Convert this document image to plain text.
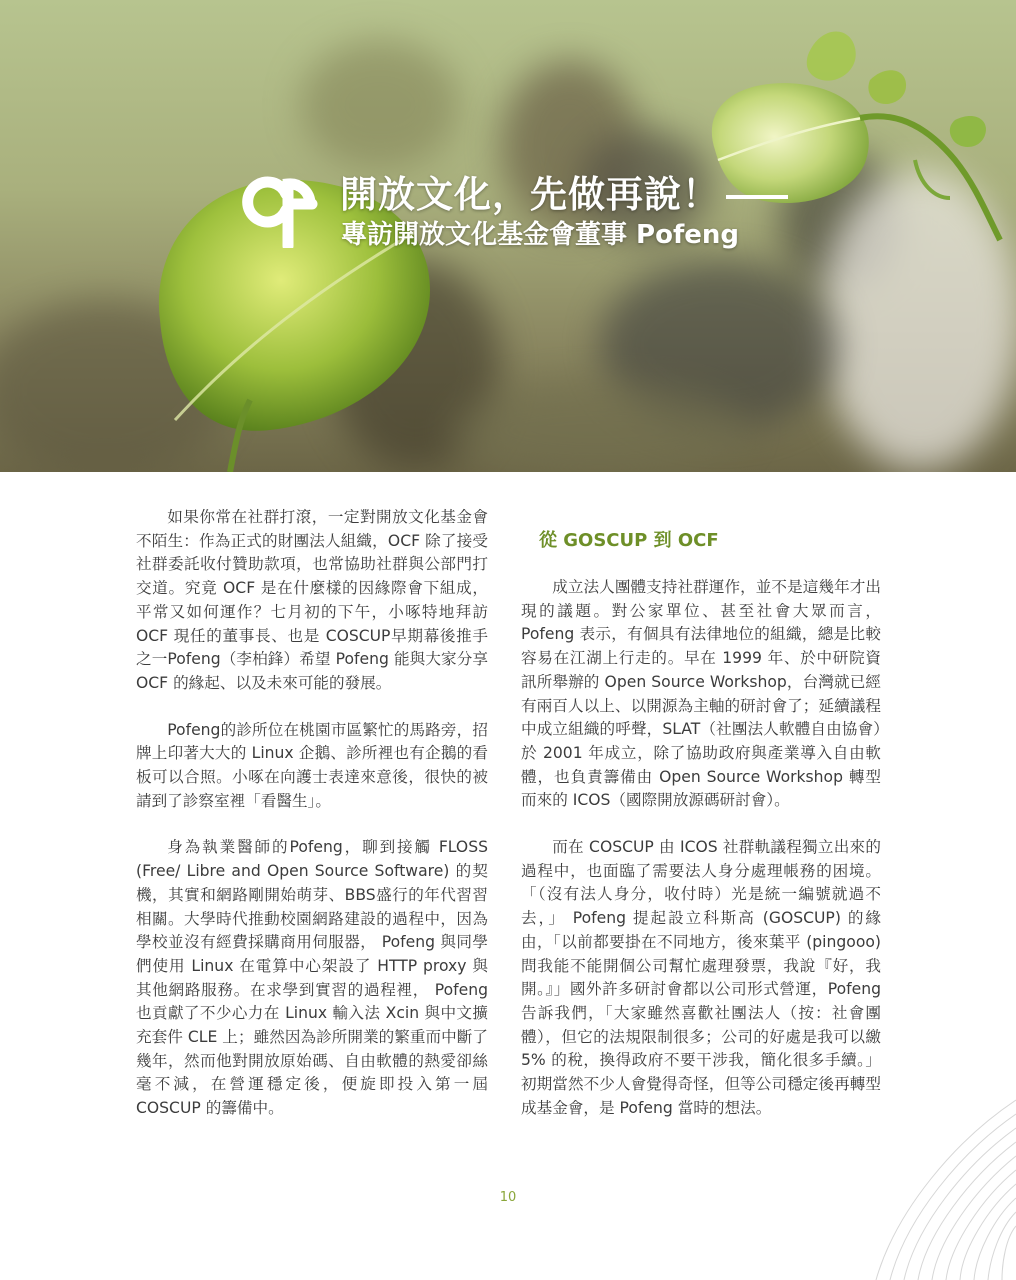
開放文化，先做再說！
專訪開放文化基金會董事 Pofeng

如果你常在社群打滾，一定對開放文化基金會不陌生：作為正式的財團法人組織，OCF 除了接受社群委託收付贊助款項，也常協助社群與公部門打交道。究竟 OCF 是在什麼樣的因緣際會下組成，平常又如何運作？七月初的下午，小啄特地拜訪 OCF 現任的董事長、也是 COSCUP早期幕後推手之一Pofeng（李柏鋒）希望 Pofeng 能與大家分享 OCF 的緣起、以及未來可能的發展。

Pofeng的診所位在桃園市區繁忙的馬路旁，招牌上印著大大的 Linux 企鵝、診所裡也有企鵝的看板可以合照。小啄在向護士表達來意後，很快的被請到了診察室裡「看醫生」。

身為執業醫師的Pofeng，聊到接觸 FLOSS (Free/ Libre and Open Source Software) 的契機，其實和網路剛開始萌芽、BBS盛行的年代習習相關。大學時代推動校園網路建設的過程中，因為學校並沒有經費採購商用伺服器， Pofeng 與同學們使用 Linux 在電算中心架設了 HTTP proxy 與其他網路服務。在求學到實習的過程裡， Pofeng 也貢獻了不少心力在 Linux 輸入法 Xcin 與中文擴充套件 CLE 上；雖然因為診所開業的繁重而中斷了幾年，然而他對開放原始碼、自由軟體的熱愛卻絲毫不減，在營運穩定後，便旋即投入第一屆 COSCUP 的籌備中。

從 GOSCUP 到 OCF

成立法人團體支持社群運作，並不是這幾年才出現的議題。對公家單位、甚至社會大眾而言， Pofeng 表示，有個具有法律地位的組織，總是比較容易在江湖上行走的。早在 1999 年、於中研院資訊所舉辦的 Open Source Workshop，台灣就已經有兩百人以上、以開源為主軸的研討會了；延續議程中成立組織的呼聲，SLAT（社團法人軟體自由協會）於 2001 年成立，除了協助政府與產業導入自由軟體，也負責籌備由 Open Source Workshop 轉型而來的 ICOS（國際開放源碼研討會）。

而在 COSCUP 由 ICOS 社群軌議程獨立出來的過程中，也面臨了需要法人身分處理帳務的困境。「（沒有法人身分，收付時）光是統一編號就過不去，」 Pofeng 提起設立科斯高 (GOSCUP) 的緣由，「以前都要掛在不同地方，後來葉平 (pingooo) 問我能不能開個公司幫忙處理發票，我說『好，我開。』」國外許多研討會都以公司形式營運，Pofeng 告訴我們，「大家雖然喜歡社團法人（按：社會團體），但它的法規限制很多；公司的好處是我可以繳 5% 的稅，換得政府不要干涉我，簡化很多手續。」初期當然不少人會覺得奇怪，但等公司穩定後再轉型成基金會，是 Pofeng 當時的想法。

10
